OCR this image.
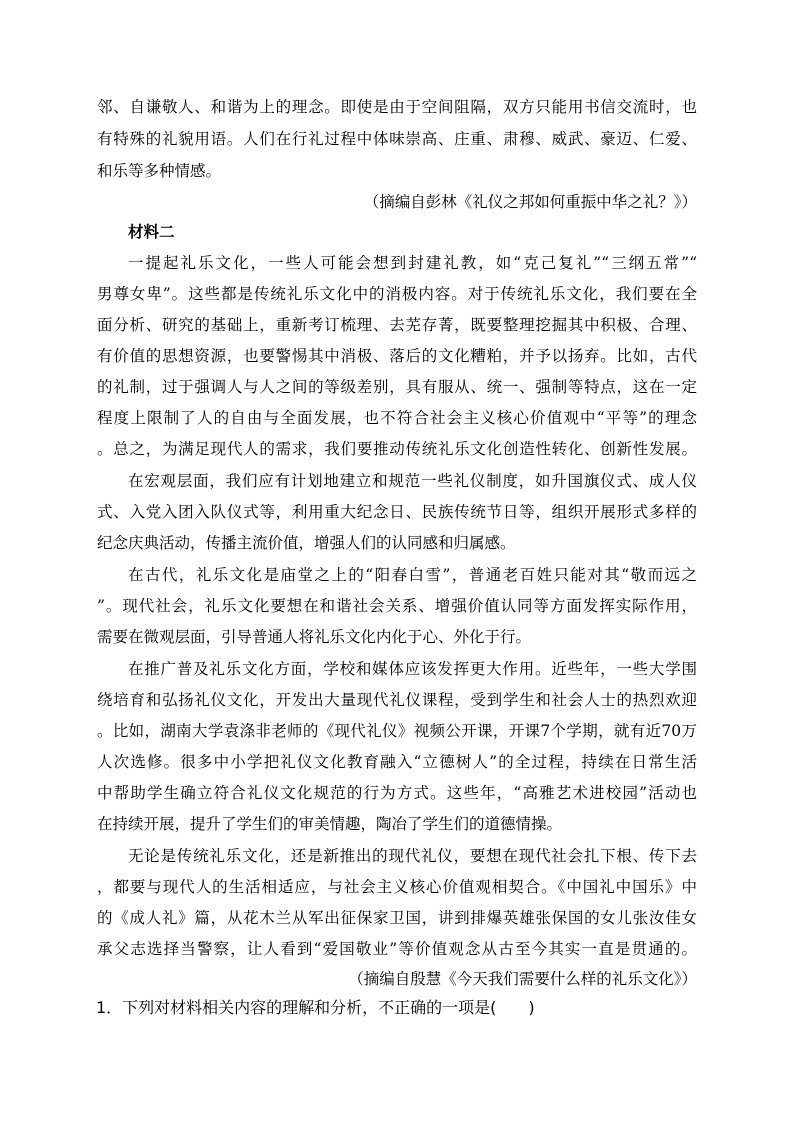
邻、自谦敬人、和谐为上的理念。即使是由于空间阻隔，双方只能用书信交流时，也
有特殊的礼貌用语。人们在行礼过程中体味崇高、庄重、肃穆、威武、豪迈、仁爱、
和乐等多种情感。
（摘编自彭林《礼仪之邦如何重振中华之礼？》）
材料二
一提起礼乐文化，一些人可能会想到封建礼教，如“克己复礼”“三纲五常”“
男尊女卑”。这些都是传统礼乐文化中的消极内容。对于传统礼乐文化，我们要在全
面分析、研究的基础上，重新考订梳理、去芜存菁，既要整理挖掘其中积极、合理、
有价值的思想资源，也要警惕其中消极、落后的文化糟粕，并予以扬弃。比如，古代
的礼制，过于强调人与人之间的等级差别，具有服从、统一、强制等特点，这在一定
程度上限制了人的自由与全面发展，也不符合社会主义核心价值观中“平等”的理念
。总之，为满足现代人的需求，我们要推动传统礼乐文化创造性转化、创新性发展。
在宏观层面，我们应有计划地建立和规范一些礼仪制度，如升国旗仪式、成人仪
式、入党入团入队仪式等，利用重大纪念日、民族传统节日等，组织开展形式多样的
纪念庆典活动，传播主流价值，增强人们的认同感和归属感。
在古代，礼乐文化是庙堂之上的“阳春白雪”，普通老百姓只能对其“敬而远之
”。现代社会，礼乐文化要想在和谐社会关系、增强价值认同等方面发挥实际作用，
需要在微观层面，引导普通人将礼乐文化内化于心、外化于行。
在推广普及礼乐文化方面，学校和媒体应该发挥更大作用。近些年，一些大学围
绕培育和弘扬礼仪文化，开发出大量现代礼仪课程，受到学生和社会人士的热烈欢迎
。比如，湖南大学袁涤非老师的《现代礼仪》视频公开课，开课7个学期，就有近70万
人次选修。很多中小学把礼仪文化教育融入“立德树人”的全过程，持续在日常生活
中帮助学生确立符合礼仪文化规范的行为方式。这些年，“高雅艺术进校园”活动也
在持续开展，提升了学生们的审美情趣，陶冶了学生们的道德情操。
无论是传统礼乐文化，还是新推出的现代礼仪，要想在现代社会扎下根、传下去
，都要与现代人的生活相适应，与社会主义核心价值观相契合。《中国礼中国乐》中
的《成人礼》篇，从花木兰从军出征保家卫国，讲到排爆英雄张保国的女儿张汝佳女
承父志选择当警察，让人看到“爱国敬业”等价值观念从古至今其实一直是贯通的。
（摘编自殷慧《今天我们需要什么样的礼乐文化》）
1．下列对材料相关内容的理解和分析，不正确的一项是(　　)
